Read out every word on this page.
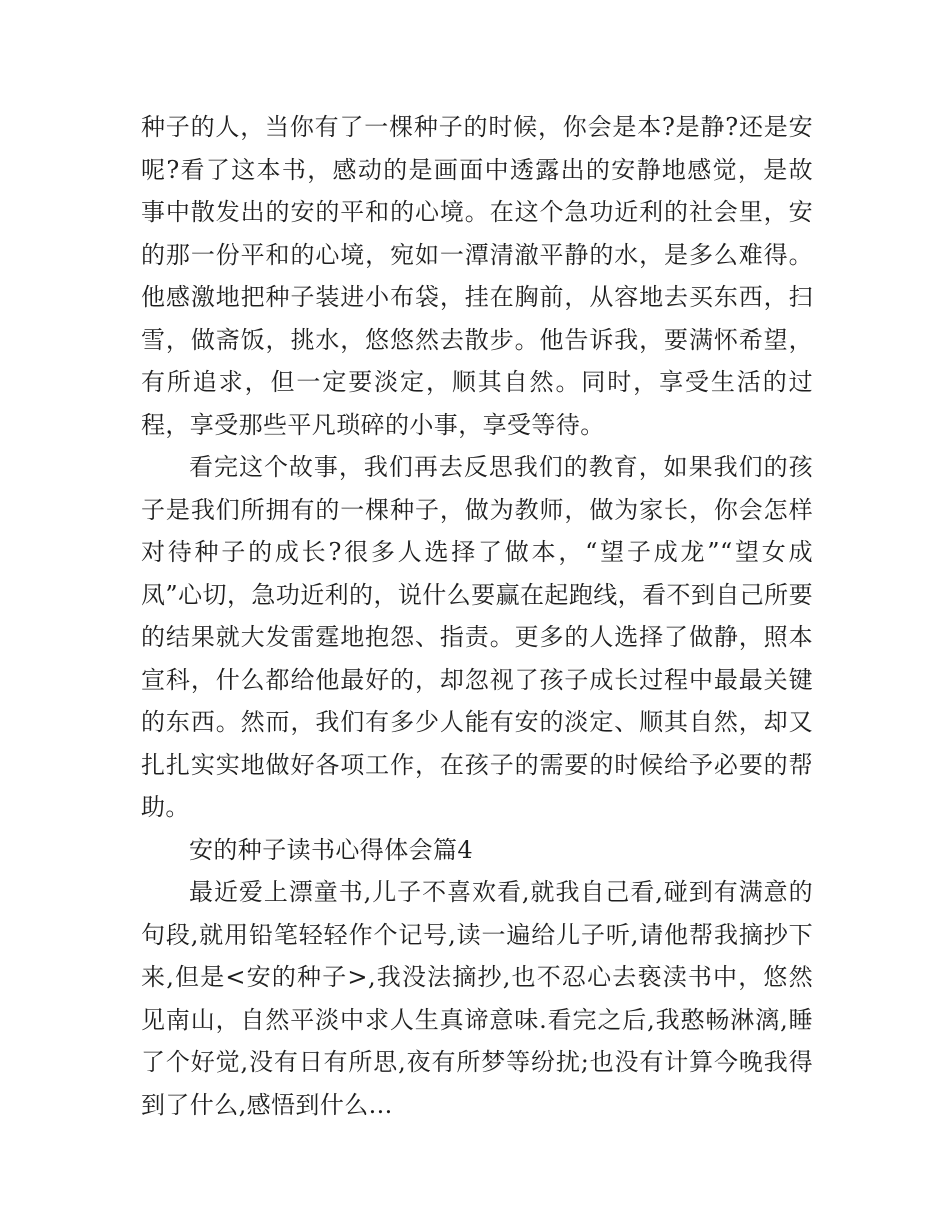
种子的人，当你有了一棵种子的时候，你会是本?是静?还是安呢?看了这本书，感动的是画面中透露出的安静地感觉，是故事中散发出的安的平和的心境。在这个急功近利的社会里，安的那一份平和的心境，宛如一潭清澈平静的水，是多么难得。他感激地把种子装进小布袋，挂在胸前，从容地去买东西，扫雪，做斋饭，挑水，悠悠然去散步。他告诉我，要满怀希望，有所追求，但一定要淡定，顺其自然。同时，享受生活的过程，享受那些平凡琐碎的小事，享受等待。

看完这个故事，我们再去反思我们的教育，如果我们的孩子是我们所拥有的一棵种子，做为教师，做为家长，你会怎样对待种子的成长?很多人选择了做本，“望子成龙”“望女成凤”心切，急功近利的，说什么要赢在起跑线，看不到自己所要的结果就大发雷霆地抱怨、指责。更多的人选择了做静，照本宣科，什么都给他最好的，却忽视了孩子成长过程中最最关键的东西。然而，我们有多少人能有安的淡定、顺其自然，却又扎扎实实地做好各项工作，在孩子的需要的时候给予必要的帮助。

安的种子读书心得体会篇4

最近爱上漂童书,儿子不喜欢看,就我自己看,碰到有满意的句段,就用铅笔轻轻作个记号,读一遍给儿子听,请他帮我摘抄下来,但是<安的种子>,我没法摘抄,也不忍心去亵渎书中，悠然见南山，自然平淡中求人生真谛意味.看完之后,我憨畅淋漓,睡了个好觉,没有日有所思,夜有所梦等纷扰;也没有计算今晚我得到了什么,感悟到什么...
